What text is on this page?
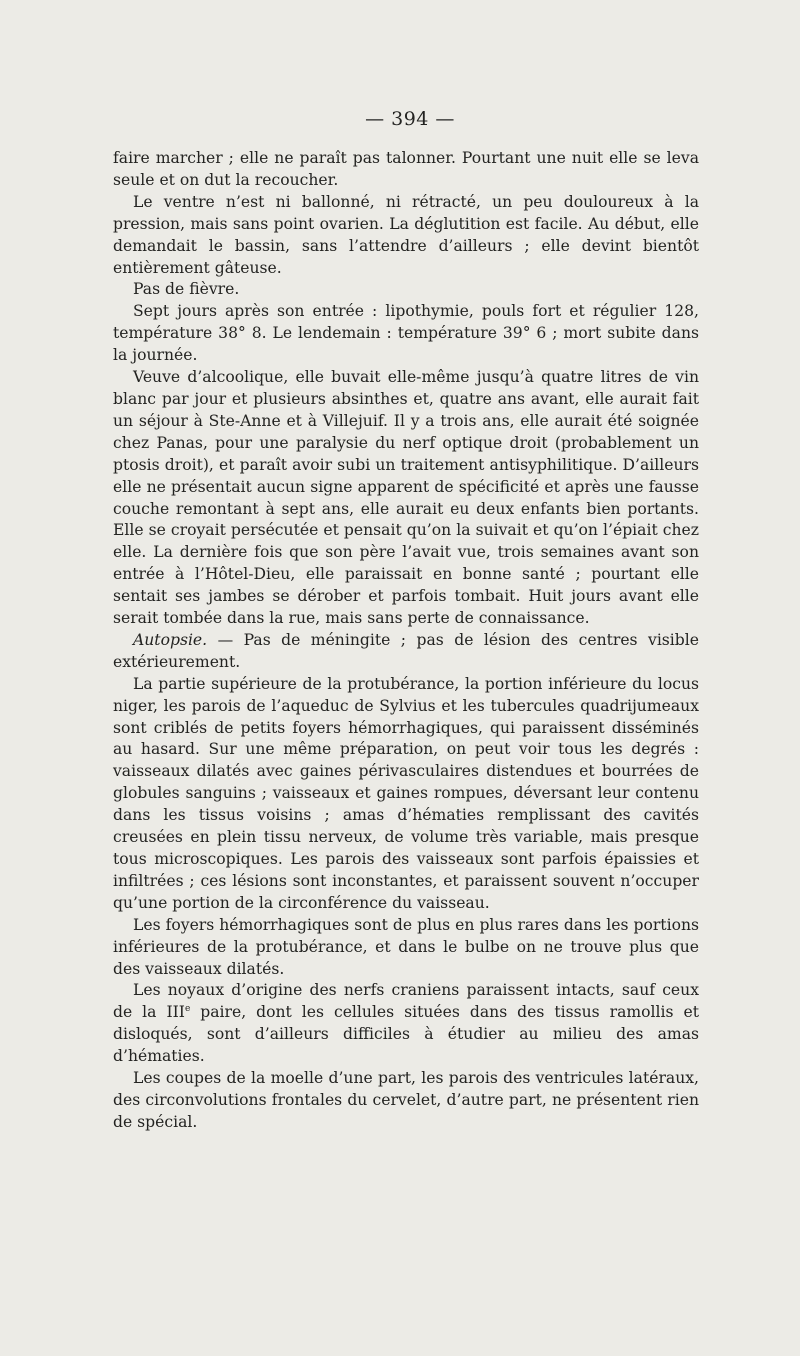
— 394 —

faire marcher ; elle ne paraît pas talonner. Pourtant une nuit elle se leva seule et on dut la recoucher.

Le ventre n’est ni ballonné, ni rétracté, un peu douloureux à la pression, mais sans point ovarien. La déglutition est facile. Au début, elle demandait le bassin, sans l’attendre d’ailleurs ; elle devint bientôt entièrement gâteuse.

Pas de fièvre.

Sept jours après son entrée : lipothymie, pouls fort et régulier 128, température 38° 8. Le lendemain : température 39° 6 ; mort subite dans la journée.

Veuve d’alcoolique, elle buvait elle-même jusqu’à quatre litres de vin blanc par jour et plusieurs absinthes et, quatre ans avant, elle aurait fait un séjour à Ste-Anne et à Villejuif. Il y a trois ans, elle aurait été soignée chez Panas, pour une paralysie du nerf optique droit (probablement un ptosis droit), et paraît avoir subi un traitement antisyphilitique. D’ailleurs elle ne présentait aucun signe apparent de spécificité et après une fausse couche remontant à sept ans, elle aurait eu deux enfants bien portants. Elle se croyait persécutée et pensait qu’on la suivait et qu’on l’épiait chez elle. La dernière fois que son père l’avait vue, trois semaines avant son entrée à l’Hôtel-Dieu, elle paraissait en bonne santé ; pourtant elle sentait ses jambes se dérober et parfois tombait. Huit jours avant elle serait tombée dans la rue, mais sans perte de connaissance.

Autopsie. — Pas de méningite ; pas de lésion des centres visible extérieurement.

La partie supérieure de la protubérance, la portion inférieure du locus niger, les parois de l’aqueduc de Sylvius et les tubercules quadrijumeaux sont criblés de petits foyers hémorrhagiques, qui paraissent disséminés au hasard. Sur une même préparation, on peut voir tous les degrés : vaisseaux dilatés avec gaines périvasculaires distendues et bourrées de globules sanguins ; vaisseaux et gaines rompues, déversant leur contenu dans les tissus voisins ; amas d’hématies remplissant des cavités creusées en plein tissu nerveux, de volume très variable, mais presque tous microscopiques. Les parois des vaisseaux sont parfois épaissies et infiltrées ; ces lésions sont inconstantes, et paraissent souvent n’occuper qu’une portion de la circonférence du vaisseau.

Les foyers hémorrhagiques sont de plus en plus rares dans les portions inférieures de la protubérance, et dans le bulbe on ne trouve plus que des vaisseaux dilatés.

Les noyaux d’origine des nerfs craniens paraissent intacts, sauf ceux de la IIIe paire, dont les cellules situées dans des tissus ramollis et disloqués, sont d’ailleurs difficiles à étudier au milieu des amas d’hématies.

Les coupes de la moelle d’une part, les parois des ventricules latéraux, des circonvolutions frontales du cervelet, d’autre part, ne présentent rien de spécial.
